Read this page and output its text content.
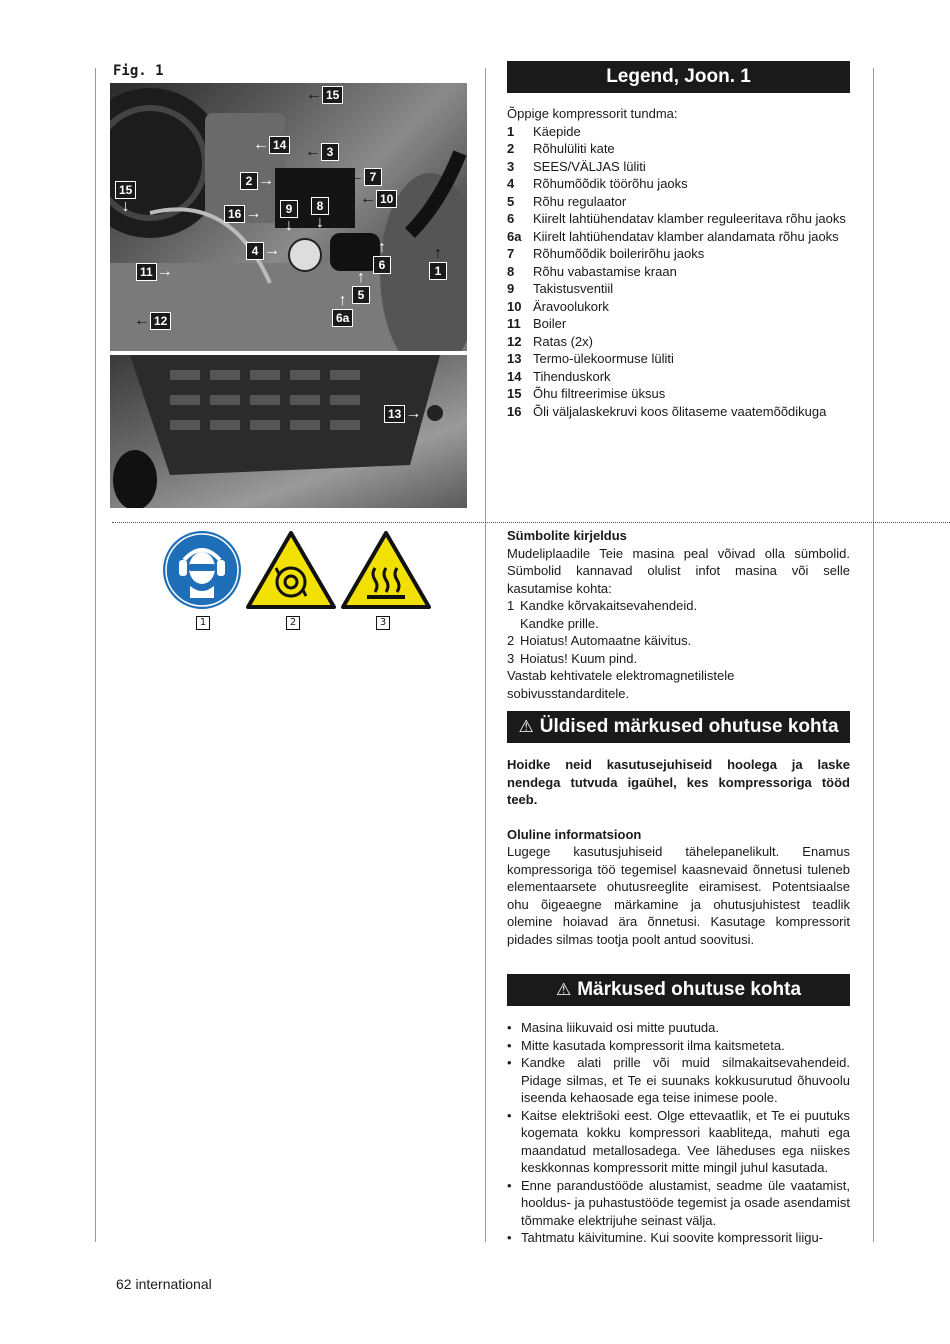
Fig. 1
← 15
← 14 ← 3
15
↓
2 →	← 7
← 10
16 →	9
↓
8
↓
4 →
6
↑
11 →	1
↑
5
↑
← 12	6a
↑
13 →
Legend, Joon. 1
Õppige kompressorit tundma:
1	Käepide
2	Rõhulüliti kate
3	SEES/VÄLJAS lüliti
4	Rõhumõõdik töörõhu jaoks
5	Rõhu regulaator
6	Kiirelt lahtiühendatav klamber reguleeritava rõhu jaoks
6a Kiirelt lahtiühendatav klamber alandamata rõhu jaoks
7	Rõhumõõdik boilerirõhu jaoks
8	Rõhu vabastamise kraan
9	Takistusventiil
10 Äravoolukork
11 Boiler
12 Ratas (2x)
13 Termo-ülekoormuse lüliti
14 Tihenduskork
15 Õhu filtreerimise üksus
16 Õli väljalaskekruvi koos õlitaseme vaatemõõdikuga
1	2	3
Sümbolite kirjeldus
Mudeliplaadile Teie masina peal võivad olla sümbolid. Sümbolid kannavad olulist infot masina või selle kasutamise kohta:
1 Kandke kõrvakaitsevahendeid.
Kandke prille.
2 Hoiatus! Automaatne käivitus.
3 Hoiatus! Kuum pind.
Vastab kehtivatele elektromagnetilistele sobivusstandarditele.
⚠ Üldised märkused ohutuse kohta
Hoidke neid kasutusejuhiseid hoolega ja laske nendega tutvuda igaühel, kes kompressoriga tööd teeb.
Oluline informatsioon
Lugege kasutusjuhiseid tähelepanelikult. Enamus kompressoriga töö tegemisel kaasnevaid õnnetusi tuleneb elementaarsete ohutusreeglite eiramisest. Potentsiaalse ohu õigeaegne märkamine ja ohutusjuhistest teadlik olemine hoiavad ära õnnetusi. Kasutage kompressorit pidades silmas tootja poolt antud soovitusi.
⚠ Märkused ohutuse kohta
• Masina liikuvaid osi mitte puutuda.
• Mitte kasutada kompressorit ilma kaitsmeteta.
• Kandke alati prille või muid silmakaitsevahendeid. Pidage silmas, et Te ei suunaks kokkusurutud õhuvoolu iseenda kehaosade ega teise inimese poole.
• Kaitse elektrišoki eest. Olge ettevaatlik, et Te ei puutuks kogemata kokku kompressori kaabliteда, mahuti ega maandatud metallosadega. Vee läheduses ega niiskes keskkonnas kompressorit mitte mingil juhul kasutada.
• Enne parandustööde alustamist, seadme üle vaatamist, hooldus- ja puhastustööde tegemist ja osade asendamist tõmmake elektrijuhe seinast välja.
• Tahtmatu käivitumine. Kui soovite kompressorit liigu-
62 international
